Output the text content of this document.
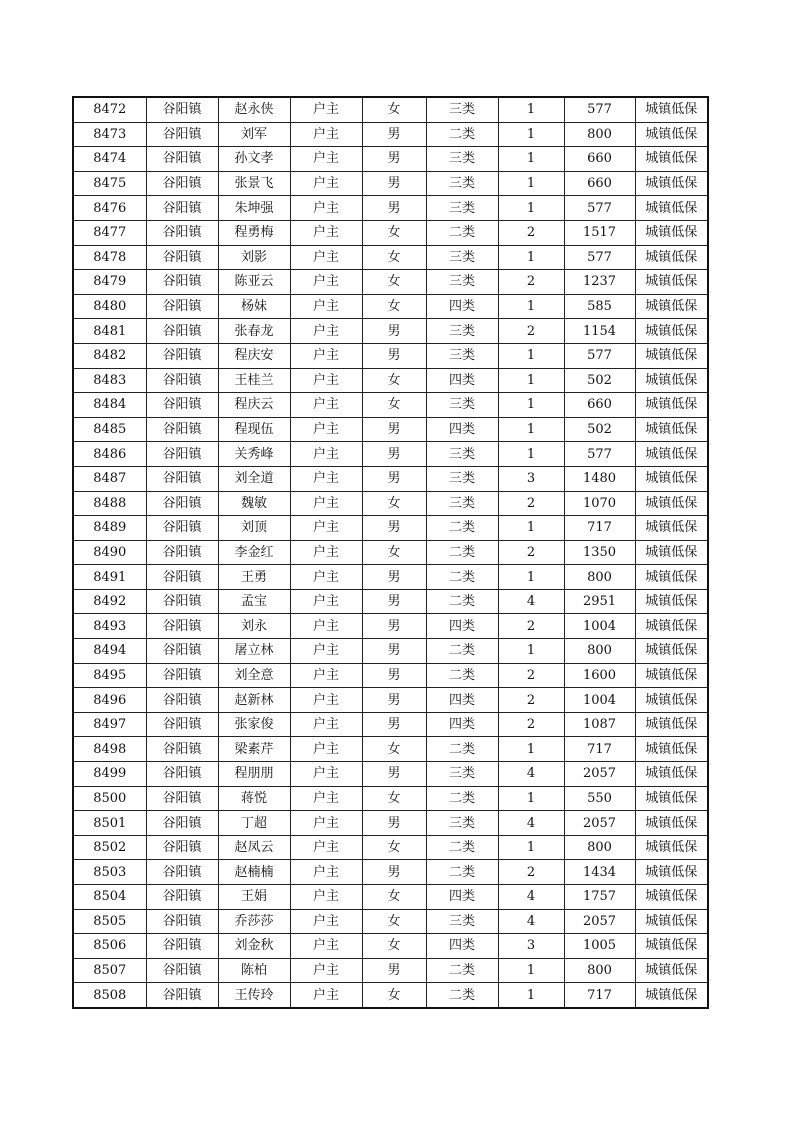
8472	谷阳镇	赵永侠	户主	女	三类	1	577	城镇低保
8473	谷阳镇	刘军	户主	男	二类	1	800	城镇低保
8474	谷阳镇	孙文孝	户主	男	三类	1	660	城镇低保
8475	谷阳镇	张景飞	户主	男	三类	1	660	城镇低保
8476	谷阳镇	朱坤强	户主	男	三类	1	577	城镇低保
8477	谷阳镇	程勇梅	户主	女	二类	2	1517	城镇低保
8478	谷阳镇	刘影	户主	女	三类	1	577	城镇低保
8479	谷阳镇	陈亚云	户主	女	三类	2	1237	城镇低保
8480	谷阳镇	杨妹	户主	女	四类	1	585	城镇低保
8481	谷阳镇	张春龙	户主	男	三类	2	1154	城镇低保
8482	谷阳镇	程庆安	户主	男	三类	1	577	城镇低保
8483	谷阳镇	王桂兰	户主	女	四类	1	502	城镇低保
8484	谷阳镇	程庆云	户主	女	三类	1	660	城镇低保
8485	谷阳镇	程现伍	户主	男	四类	1	502	城镇低保
8486	谷阳镇	关秀峰	户主	男	三类	1	577	城镇低保
8487	谷阳镇	刘全道	户主	男	三类	3	1480	城镇低保
8488	谷阳镇	魏敏	户主	女	三类	2	1070	城镇低保
8489	谷阳镇	刘顶	户主	男	二类	1	717	城镇低保
8490	谷阳镇	李金红	户主	女	二类	2	1350	城镇低保
8491	谷阳镇	王勇	户主	男	二类	1	800	城镇低保
8492	谷阳镇	孟宝	户主	男	二类	4	2951	城镇低保
8493	谷阳镇	刘永	户主	男	四类	2	1004	城镇低保
8494	谷阳镇	屠立林	户主	男	二类	1	800	城镇低保
8495	谷阳镇	刘全意	户主	男	二类	2	1600	城镇低保
8496	谷阳镇	赵新林	户主	男	四类	2	1004	城镇低保
8497	谷阳镇	张家俊	户主	男	四类	2	1087	城镇低保
8498	谷阳镇	梁素芹	户主	女	二类	1	717	城镇低保
8499	谷阳镇	程朋朋	户主	男	三类	4	2057	城镇低保
8500	谷阳镇	蒋悦	户主	女	二类	1	550	城镇低保
8501	谷阳镇	丁超	户主	男	三类	4	2057	城镇低保
8502	谷阳镇	赵凤云	户主	女	二类	1	800	城镇低保
8503	谷阳镇	赵楠楠	户主	男	二类	2	1434	城镇低保
8504	谷阳镇	王娟	户主	女	四类	4	1757	城镇低保
8505	谷阳镇	乔莎莎	户主	女	三类	4	2057	城镇低保
8506	谷阳镇	刘金秋	户主	女	四类	3	1005	城镇低保
8507	谷阳镇	陈柏	户主	男	二类	1	800	城镇低保
8508	谷阳镇	王传玲	户主	女	二类	1	717	城镇低保
